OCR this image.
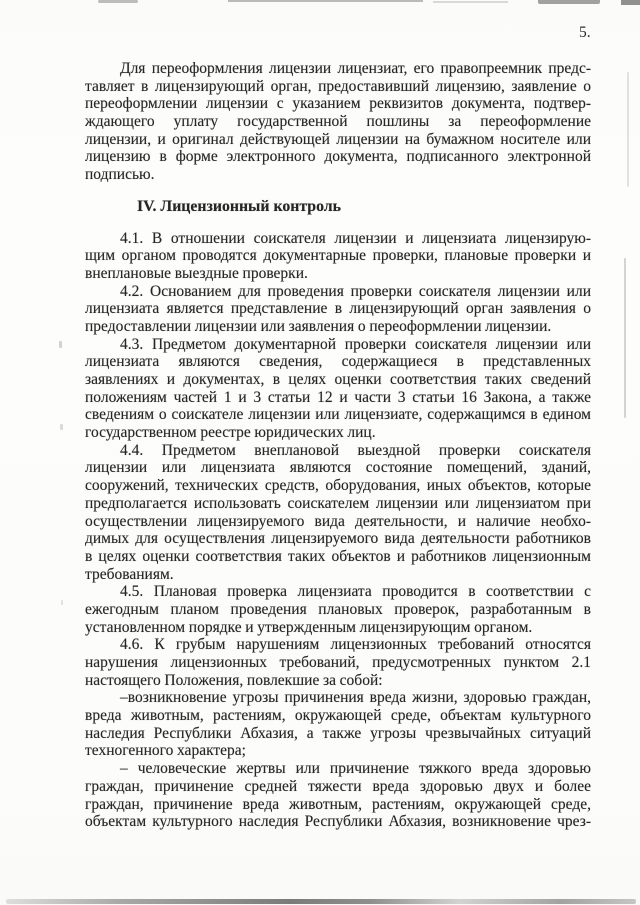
5.
Для переоформления лицензии лицензиат, его правопреемник предс-
тавляет в лицензирующий орган, предоставивший лицензию, заявление о
переоформлении лицензии с указанием реквизитов документа, подтвер-
ждающего уплату государственной пошлины за переоформление
лицензии, и оригинал действующей лицензии на бумажном носителе или
лицензию в форме электронного документа, подписанного электронной
подписью.
IV. Лицензионный контроль
4.1. В отношении соискателя лицензии и лицензиата лицензирую-
щим органом проводятся документарные проверки, плановые проверки и
внеплановые выездные проверки.
4.2. Основанием для проведения проверки соискателя лицензии или
лицензиата является представление в лицензирующий орган заявления о
предоставлении лицензии или заявления о переоформлении лицензии.
4.3. Предметом документарной проверки соискателя лицензии или
лицензиата являются сведения, содержащиеся в представленных
заявлениях и документах, в целях оценки соответствия таких сведений
положениям частей 1 и 3 статьи 12 и части 3 статьи 16 Закона, а также
сведениям о соискателе лицензии или лицензиате, содержащимся в едином
государственном реестре юридических лиц.
4.4. Предметом внеплановой выездной проверки соискателя
лицензии или лицензиата являются состояние помещений, зданий,
сооружений, технических средств, оборудования, иных объектов, которые
предполагается использовать соискателем лицензии или лицензиатом при
осуществлении лицензируемого вида деятельности, и наличие необхо-
димых для осуществления лицензируемого вида деятельности работников
в целях оценки соответствия таких объектов и работников лицензионным
требованиям.
4.5. Плановая проверка лицензиата проводится в соответствии с
ежегодным планом проведения плановых проверок, разработанным в
установленном порядке и утвержденным лицензирующим органом.
4.6. К грубым нарушениям лицензионных требований относятся
нарушения лицензионных требований, предусмотренных пунктом 2.1
настоящего Положения, повлекшие за собой:
–возникновение угрозы причинения вреда жизни, здоровью граждан,
вреда животным, растениям, окружающей среде, объектам культурного
наследия Республики Абхазия, а также угрозы чрезвычайных ситуаций
техногенного характера;
– человеческие жертвы или причинение тяжкого вреда здоровью
граждан, причинение средней тяжести вреда здоровью двух и более
граждан, причинение вреда животным, растениям, окружающей среде,
объектам культурного наследия Республики Абхазия, возникновение чрез-
